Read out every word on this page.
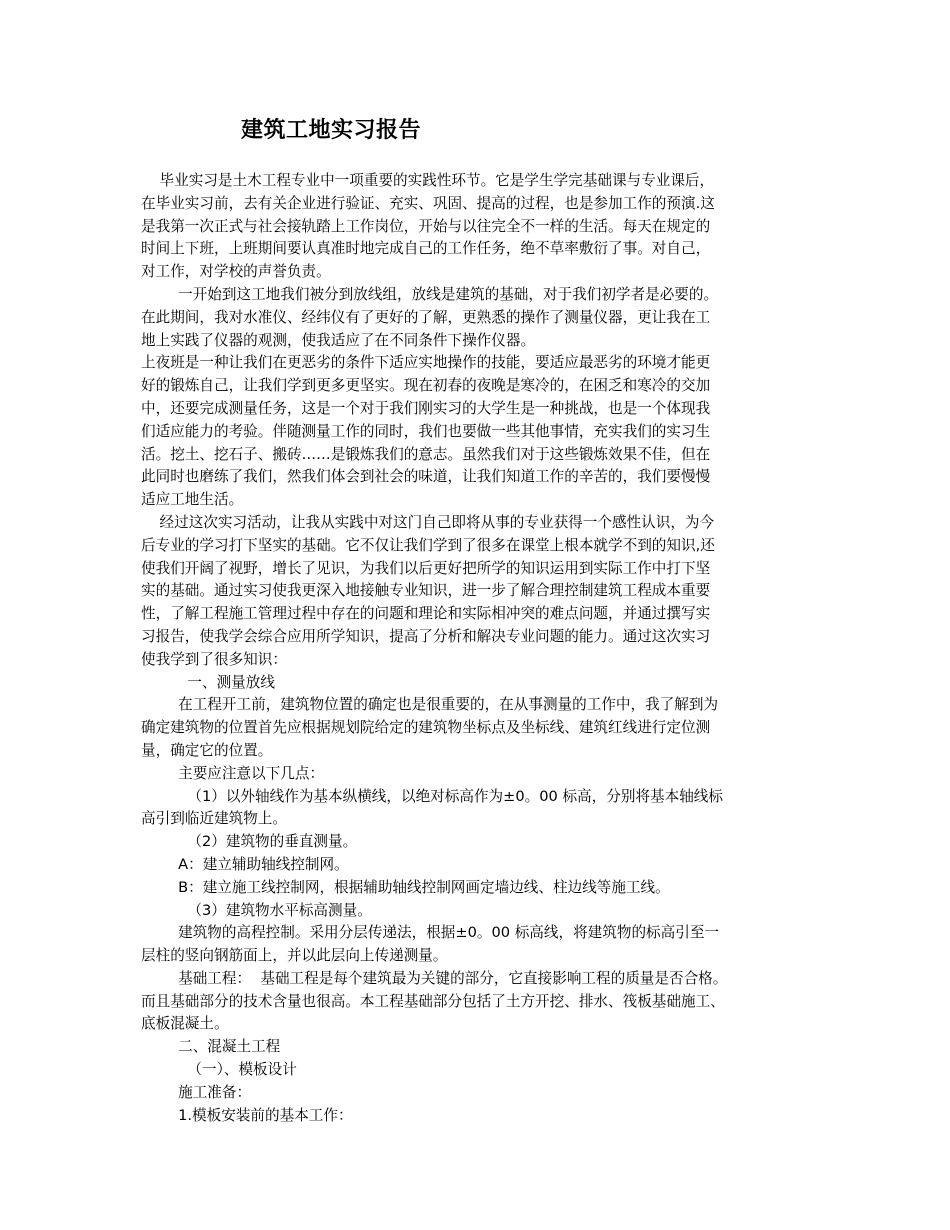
建筑工地实习报告
毕业实习是土木工程专业中一项重要的实践性环节。它是学生学完基础课与专业课后，
在毕业实习前，去有关企业进行验证、充实、巩固、提高的过程，也是参加工作的预演.这
是我第一次正式与社会接轨踏上工作岗位，开始与以往完全不一样的生活。每天在规定的
时间上下班，上班期间要认真准时地完成自己的工作任务，绝不草率敷衍了事。对自己，
对工作，对学校的声誉负责。
一开始到这工地我们被分到放线组，放线是建筑的基础，对于我们初学者是必要的。
在此期间，我对水准仪、经纬仪有了更好的了解，更熟悉的操作了测量仪器，更让我在工
地上实践了仪器的观测，使我适应了在不同条件下操作仪器。
上夜班是一种让我们在更恶劣的条件下适应实地操作的技能，要适应最恶劣的环境才能更
好的锻炼自己，让我们学到更多更坚实。现在初春的夜晚是寒冷的，在困乏和寒冷的交加
中，还要完成测量任务，这是一个对于我们刚实习的大学生是一种挑战，也是一个体现我
们适应能力的考验。伴随测量工作的同时，我们也要做一些其他事情，充实我们的实习生
活。挖土、挖石子、搬砖……是锻炼我们的意志。虽然我们对于这些锻炼效果不佳，但在
此同时也磨练了我们，然我们体会到社会的味道，让我们知道工作的辛苦的，我们要慢慢
适应工地生活。
经过这次实习活动，让我从实践中对这门自己即将从事的专业获得一个感性认识，为今
后专业的学习打下坚实的基础。它不仅让我们学到了很多在课堂上根本就学不到的知识,还
使我们开阔了视野，增长了见识，为我们以后更好把所学的知识运用到实际工作中打下坚
实的基础。通过实习使我更深入地接触专业知识，进一步了解合理控制建筑工程成本重要
性，了解工程施工管理过程中存在的问题和理论和实际相冲突的难点问题，并通过撰写实
习报告，使我学会综合应用所学知识，提高了分析和解决专业问题的能力。通过这次实习
使我学到了很多知识：
一、测量放线
在工程开工前，建筑物位置的确定也是很重要的，在从事测量的工作中，我了解到为
确定建筑物的位置首先应根据规划院给定的建筑物坐标点及坐标线、建筑红线进行定位测
量，确定它的位置。
主要应注意以下几点：
（1）以外轴线作为基本纵横线，以绝对标高作为±0。00 标高，分别将基本轴线标
高引到临近建筑物上。
（2）建筑物的垂直测量。
A：建立辅助轴线控制网。
B：建立施工线控制网，根据辅助轴线控制网画定墙边线、柱边线等施工线。
（3）建筑物水平标高测量。
建筑物的高程控制。采用分层传递法，根据±0。00 标高线，将建筑物的标高引至一
层柱的竖向钢筋面上，并以此层向上传递测量。
基础工程：  基础工程是每个建筑最为关键的部分，它直接影响工程的质量是否合格。
而且基础部分的技术含量也很高。本工程基础部分包括了土方开挖、排水、筏板基础施工、
底板混凝土。
二、混凝土工程
（一）、模板设计
施工准备：
1.模板安装前的基本工作：
